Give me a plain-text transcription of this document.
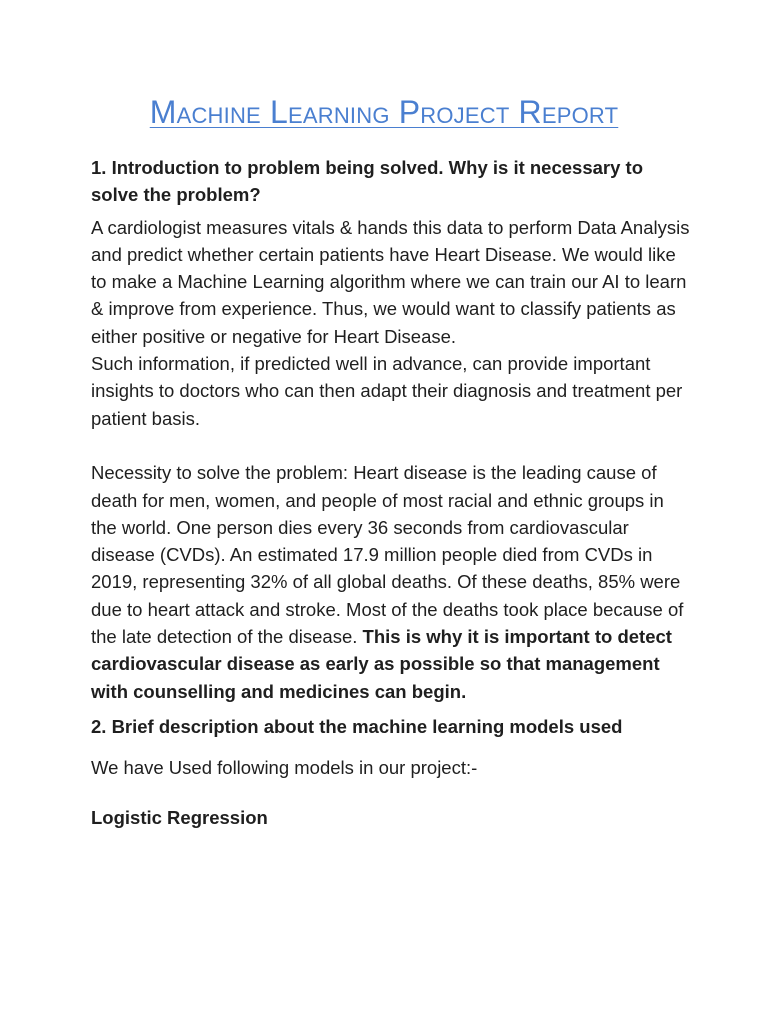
Machine Learning Project Report

1. Introduction to problem being solved. Why is it necessary to solve the problem?

A cardiologist measures vitals & hands this data to perform Data Analysis and predict whether certain patients have Heart Disease. We would like to make a Machine Learning algorithm where we can train our AI to learn & improve from experience. Thus, we would want to classify patients as either positive or negative for Heart Disease.

Such information, if predicted well in advance, can provide important insights to doctors who can then adapt their diagnosis and treatment per patient basis.

Necessity to solve the problem: Heart disease is the leading cause of death for men, women, and people of most racial and ethnic groups in the world. One person dies every 36 seconds from cardiovascular disease (CVDs). An estimated 17.9 million people died from CVDs in 2019, representing 32% of all global deaths. Of these deaths, 85% were due to heart attack and stroke. Most of the deaths took place because of the late detection of the disease. This is why it is important to detect cardiovascular disease as early as possible so that management with counselling and medicines can begin.

2. Brief description about the machine learning models used

We have Used following models in our project:-

Logistic Regression
